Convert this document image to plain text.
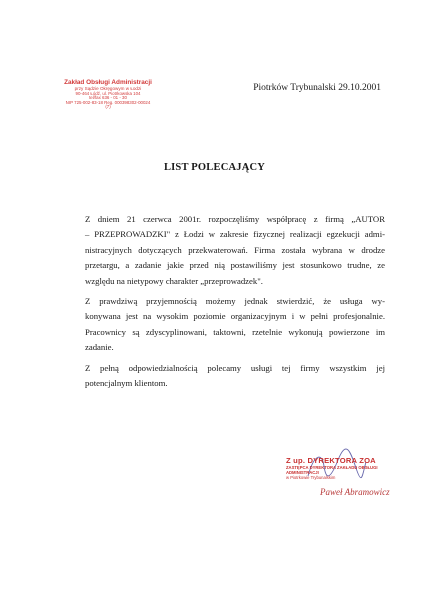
Zakład Obsługi Administracji
przy Sądzie Okręgowym w Łodzi
90-464 Łódź, ul. Piotrkowska 104
tel/fax 636 - 01 - 30
NIP 725-002-83-18 Reg. 000398302-00024
(7)
Piotrków Trybunalski 29.10.2001
LIST POLECAJĄCY

Z dniem 21 czerwca 2001r. rozpoczęliśmy współpracę z firmą „AUTOR
– PRZEPROWADZKI" z Łodzi w zakresie fizycznej realizacji egzekucji admi-
nistracyjnych dotyczących przekwaterowań. Firma została wybrana w drodze
przetargu, a zadanie jakie przed nią postawiliśmy jest stosunkowo trudne, ze
względu na nietypowy charakter „przeprowadzek".

Z prawdziwą przyjemnością możemy jednak stwierdzić, że usługa wy-
konywana jest na wysokim poziomie organizacyjnym i w pełni profesjonalnie.
Pracownicy są zdyscyplinowani, taktowni, rzetelnie wykonują powierzone im
zadanie.

Z pełną odpowiedzialnością polecamy usługi tej firmy wszystkim jej
potencjalnym klientom.

Z up. DYREKTORA ZOA
ZASTĘPCA DYREKTORA ZAKŁADU OBSŁUGI ADMINISTRACJI
w Piotrkowie Trybunalskim
Paweł Abramowicz
